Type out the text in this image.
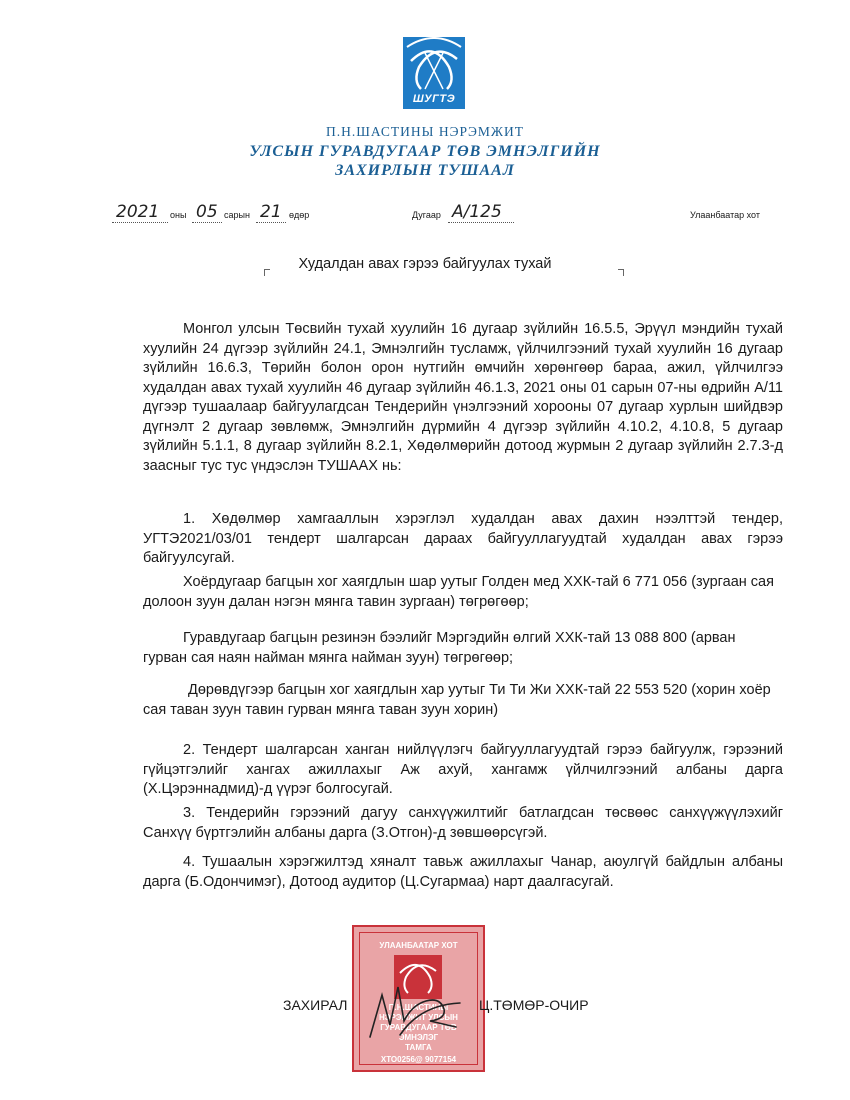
ШУГТЭ
П.Н.ШАСТИНЫ НЭРЭМЖИТ
УЛСЫН ГУРАВДУГААР ТӨВ ЭМНЭЛГИЙН
ЗАХИРЛЫН ТУШААЛ
2021 оны 05 сарын 21 өдөр	Дугаар А/125	Улаанбаатар хот
Худалдан авах гэрээ байгуулах тухай
Монгол улсын Төсвийн тухай хуулийн 16 дугаар зүйлийн 16.5.5, Эрүүл мэндийн тухай хуулийн 24 дүгээр зүйлийн 24.1, Эмнэлгийн тусламж, үйлчилгээний тухай хуулийн 16 дугаар зүйлийн 16.6.3, Төрийн болон орон нутгийн өмчийн хөрөнгөөр бараа, ажил, үйлчилгээ худалдан авах тухай хуулийн 46 дугаар зүйлийн 46.1.3, 2021 оны 01 сарын 07-ны өдрийн А/11 дүгээр тушаалаар байгуулагдсан Тендерийн үнэлгээний хорооны 07 дугаар хурлын шийдвэр дүгнэлт 2 дугаар зөвлөмж, Эмнэлгийн дүрмийн 4 дүгээр зүйлийн 4.10.2, 4.10.8, 5 дугаар зүйлийн 5.1.1, 8 дугаар зүйлийн 8.2.1, Хөдөлмөрийн дотоод журмын 2 дугаар зүйлийн 2.7.3-д заасныг тус тус үндэслэн ТУШААХ нь:
1. Хөдөлмөр хамгааллын хэрэглэл худалдан авах дахин нээлттэй тендер, УГТЭ2021/03/01 тендерт шалгарсан дараах байгууллагуудтай худалдан авах гэрээ байгуулсугай.
Хоёрдугаар багцын хог хаягдлын шар уутыг Голден мед ХХК-тай 6 771 056 (зургаан сая долоон зуун далан нэгэн мянга тавин зургаан) төгрөгөөр;
Гуравдугаар багцын резинэн бээлийг Мэргэдийн өлгий ХХК-тай 13 088 800 (арван гурван сая наян найман мянга найман зуун) төгрөгөөр;
Дөрөвдүгээр багцын хог хаягдлын хар уутыг Ти Ти Жи ХХК-тай 22 553 520 (хорин хоёр сая таван зуун тавин гурван мянга таван зуун хорин)
2. Тендерт шалгарсан ханган нийлүүлэгч байгууллагуудтай гэрээ байгуулж, гэрээний гүйцэтгэлийг хангах ажиллахыг Аж ахуй, хангамж үйлчилгээний албаны дарга (Х.Цэрэннадмид)-д үүрэг болгосугай.
3. Тендерийн гэрээний дагуу санхүүжилтийг батлагдсан төсвөөс санхүүжүүлэхийг Санхүү бүртгэлийн албаны дарга (З.Отгон)-д зөвшөөрсүгэй.
4. Тушаалын хэрэгжилтэд хяналт тавьж ажиллахыг Чанар, аюулгүй байдлын албаны дарга (Б.Одончимэг), Дотоод аудитор (Ц.Сугармаа) нарт даалгасугай.
УЛААНБААТАР ХОТ
П.Н.ШАСТИНЫ
НЭРЭМЖИТ УЛСЫН
ГУРАВДУГААР ТӨВ
ЭМНЭЛЭГ
ТАМГА
ХТО0256@ 9077154
ЗАХИРАЛ	Ц.ТӨМӨР-ОЧИР
